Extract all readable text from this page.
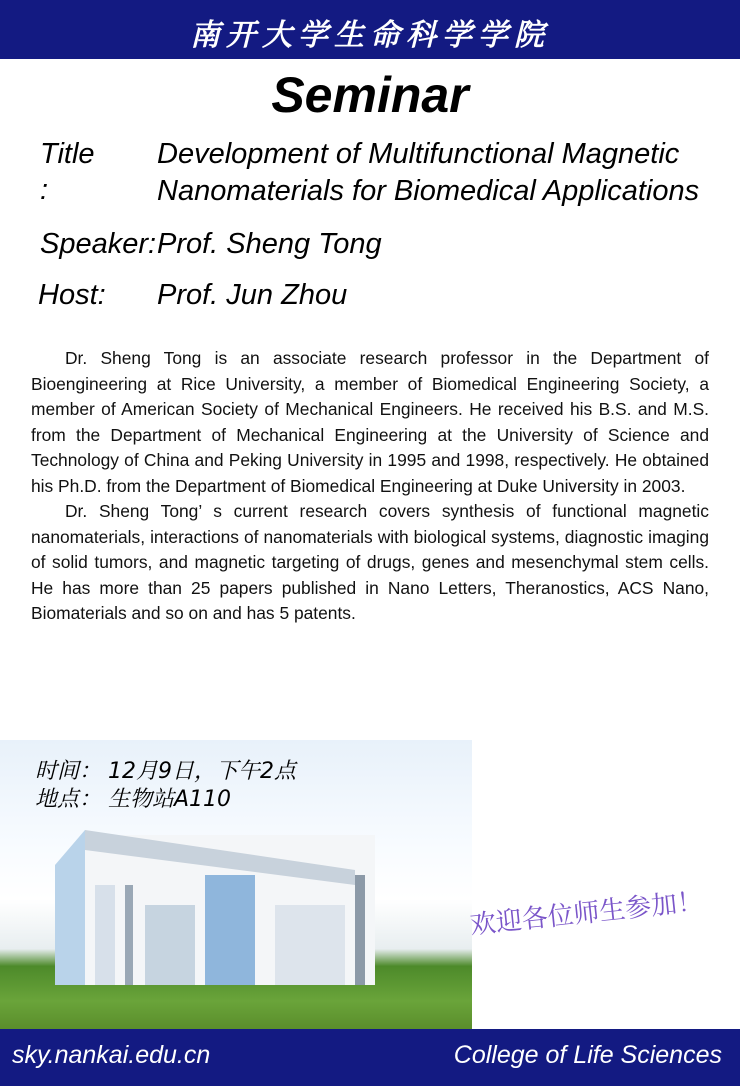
南开大学生命科学学院
Seminar
Title :
Development of Multifunctional Magnetic
Nanomaterials for Biomedical Applications
Speaker: Prof. Sheng Tong
Host: Prof. Jun Zhou

Dr. Sheng Tong is an associate research professor in the Department of Bioengineering at Rice University, a member of Biomedical Engineering Society, a member of American Society of Mechanical Engineers. He received his B.S. and M.S. from the Department of Mechanical Engineering at the University of Science and Technology of China and Peking University in 1995 and 1998, respectively. He obtained his Ph.D. from the Department of Biomedical Engineering at Duke University in 2003.

Dr. Sheng Tong’ s current research covers synthesis of functional magnetic nanomaterials, interactions of nanomaterials with biological systems, diagnostic imaging of solid tumors, and magnetic targeting of drugs, genes and mesenchymal stem cells. He has more than 25 papers published in Nano Letters, Theranostics, ACS Nano, Biomaterials and so on and has 5 patents.

时间： 12月9日，下午2点
地点： 生物站A110
欢迎各位师生参加！
sky.nankai.edu.cn	College of Life Sciences
